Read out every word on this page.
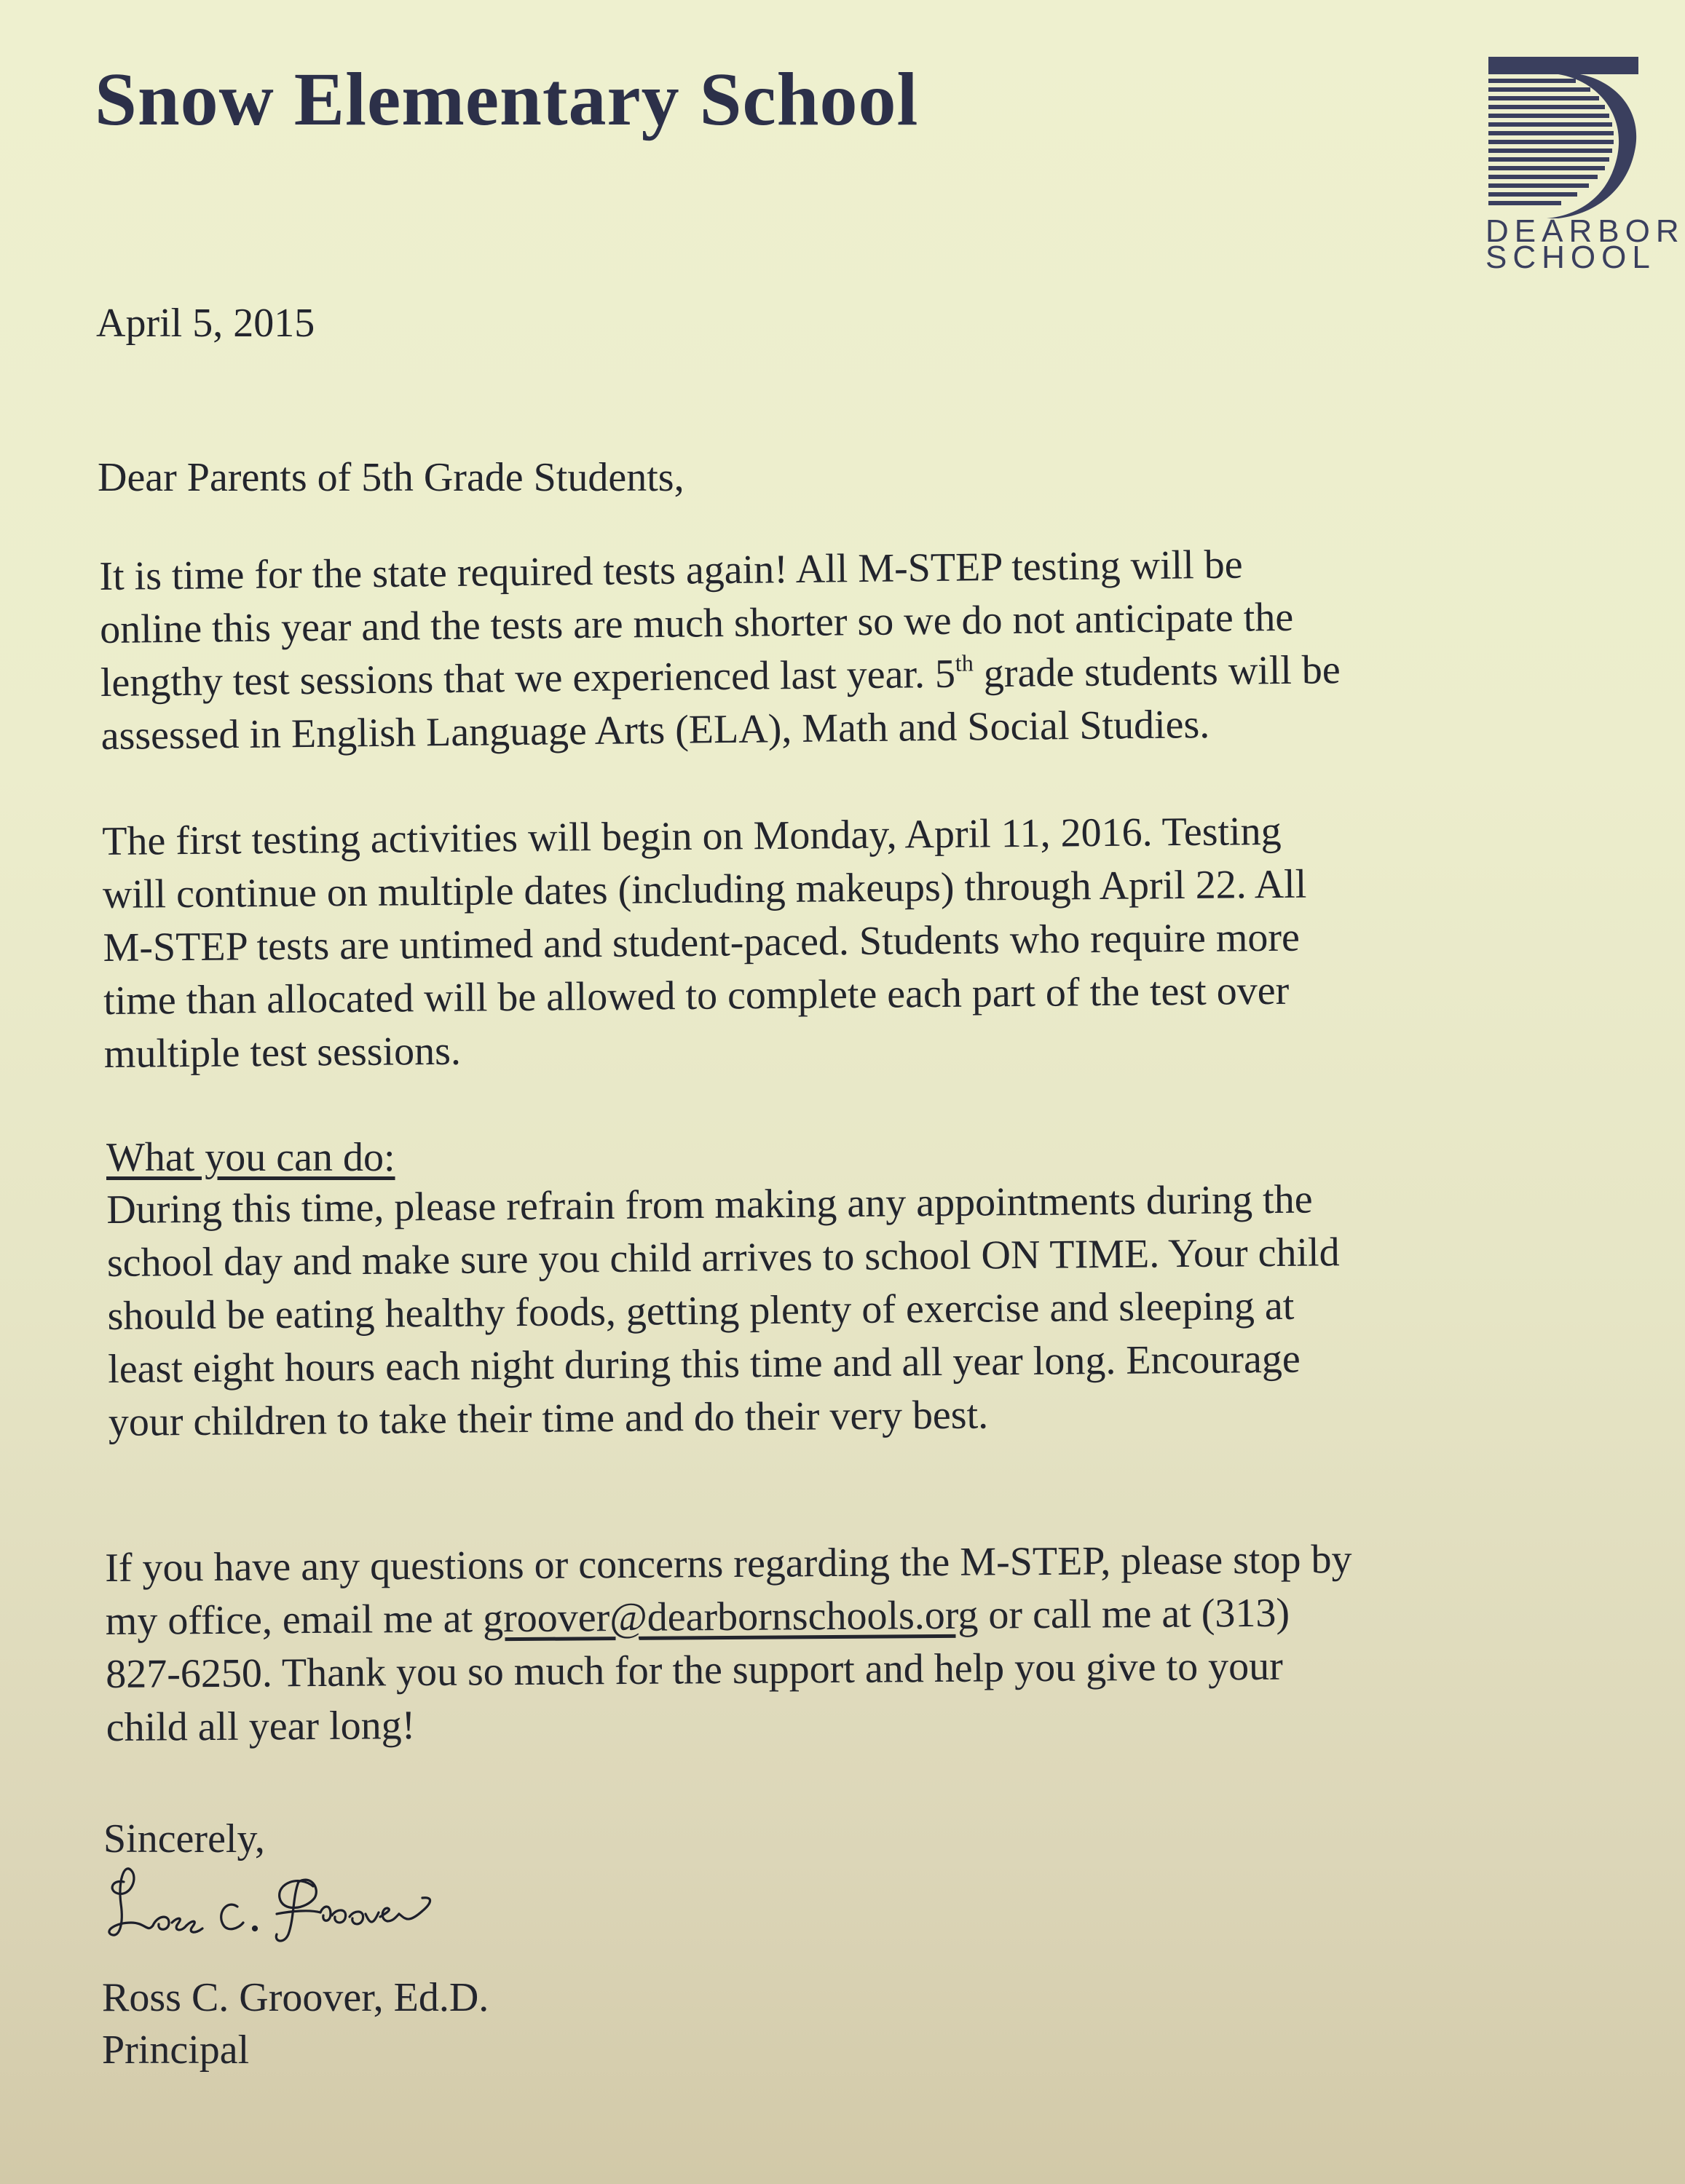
Snow Elementary School
DEARBOR
SCHOOL
April 5, 2015
Dear Parents of 5th Grade Students,
It is time for the state required tests again! All M-STEP testing will be
online this year and the tests are much shorter so we do not anticipate the
lengthy test sessions that we experienced last year. 5th grade students will be
assessed in English Language Arts (ELA), Math and Social Studies.
The first testing activities will begin on Monday, April 11, 2016. Testing
will continue on multiple dates (including makeups) through April 22. All
M-STEP tests are untimed and student-paced. Students who require more
time than allocated will be allowed to complete each part of the test over
multiple test sessions.
What you can do:
During this time, please refrain from making any appointments during the
school day and make sure you child arrives to school ON TIME. Your child
should be eating healthy foods, getting plenty of exercise and sleeping at
least eight hours each night during this time and all year long. Encourage
your children to take their time and do their very best.
If you have any questions or concerns regarding the M-STEP, please stop by
my office, email me at groover@dearbornschools.org or call me at (313)
827-6250. Thank you so much for the support and help you give to your
child all year long!
Sincerely,
Ross C. Groover, Ed.D.
Principal
